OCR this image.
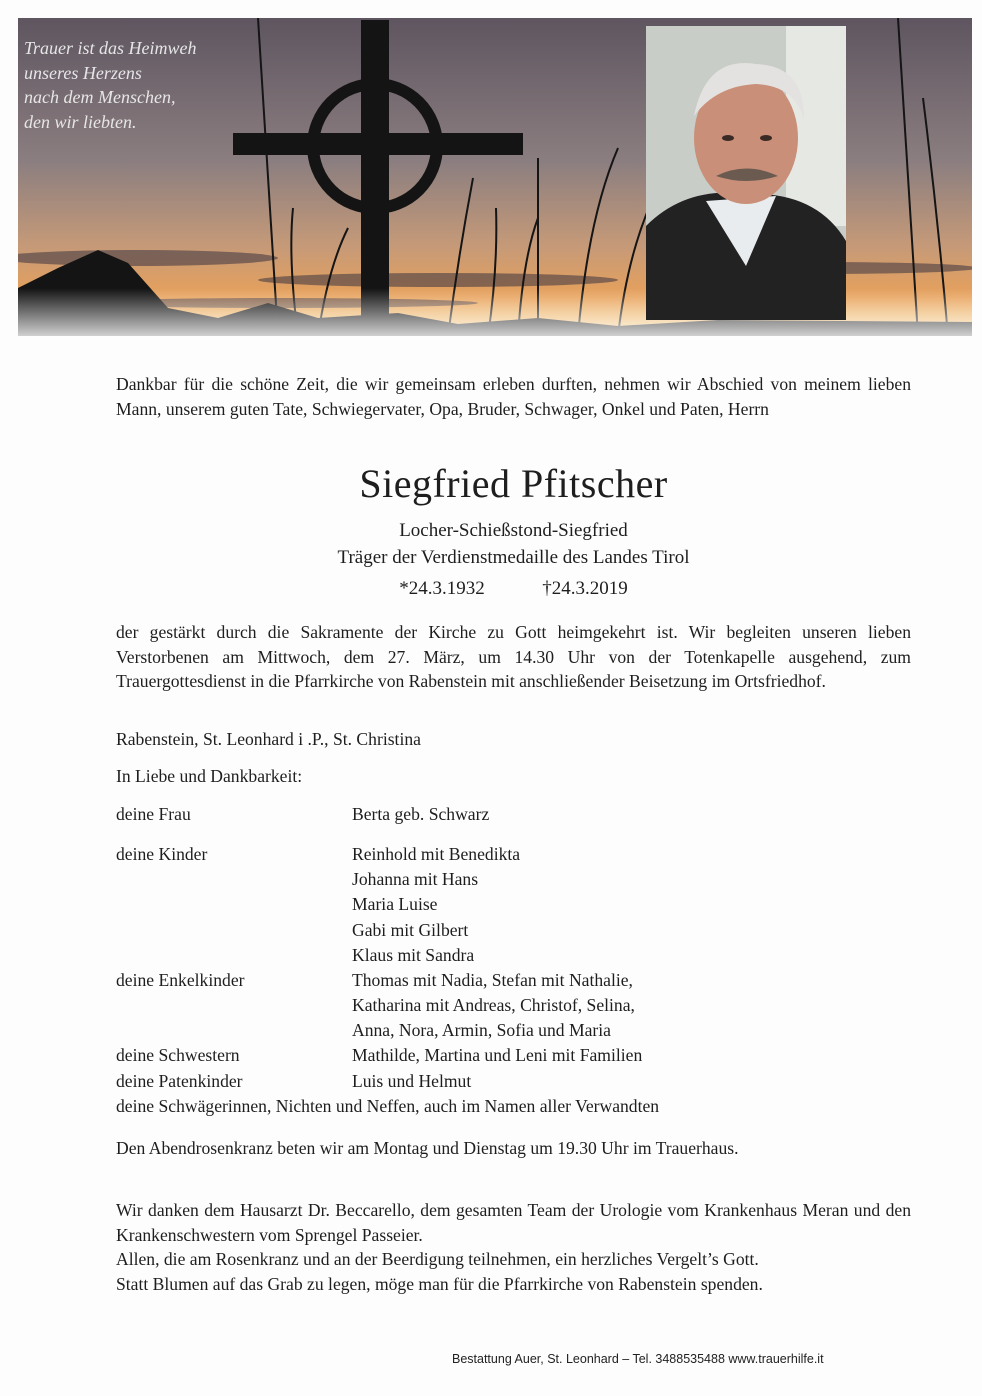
Trauer ist das Heimweh
unseres Herzens
nach dem Menschen,
den wir liebten.
Dankbar für die schöne Zeit, die wir gemeinsam erleben durften, nehmen wir Abschied von meinem lieben Mann, unserem guten Tate, Schwiegervater, Opa, Bruder, Schwager, Onkel und Paten, Herrn
Siegfried Pfitscher
Locher-Schießstond-Siegfried
Träger der Verdienstmedaille des Landes Tirol
*24.3.1932	†24.3.2019
der gestärkt durch die Sakramente der Kirche zu Gott heimgekehrt ist. Wir begleiten unseren lieben Verstorbenen am Mittwoch, dem 27. März, um 14.30 Uhr von der Totenkapelle ausgehend, zum Trauergottesdienst in die Pfarrkirche von Rabenstein mit anschließender Beisetzung im Ortsfriedhof.
Rabenstein, St. Leonhard i .P., St. Christina
In Liebe und Dankbarkeit:
deine Frau	Berta geb. Schwarz
deine Kinder	Reinhold mit Benedikta
Johanna mit Hans
Maria Luise
Gabi mit Gilbert
Klaus mit Sandra
deine Enkelkinder	Thomas mit Nadia, Stefan mit Nathalie,
Katharina mit Andreas, Christof, Selina,
Anna, Nora, Armin, Sofia und Maria
deine Schwestern	Mathilde, Martina und Leni mit Familien
deine Patenkinder	Luis und Helmut
deine Schwägerinnen, Nichten und Neffen, auch im Namen aller Verwandten
Den Abendrosenkranz beten wir am Montag und Dienstag um 19.30 Uhr im Trauerhaus.
Wir danken dem Hausarzt Dr. Beccarello, dem gesamten Team der Urologie vom Krankenhaus Meran und den Krankenschwestern vom Sprengel Passeier.
Allen, die am Rosenkranz und an der Beerdigung teilnehmen, ein herzliches Vergelt’s Gott.
Statt Blumen auf das Grab zu legen, möge man für die Pfarrkirche von Rabenstein spenden.
Bestattung Auer, St. Leonhard – Tel. 3488535488 www.trauerhilfe.it
